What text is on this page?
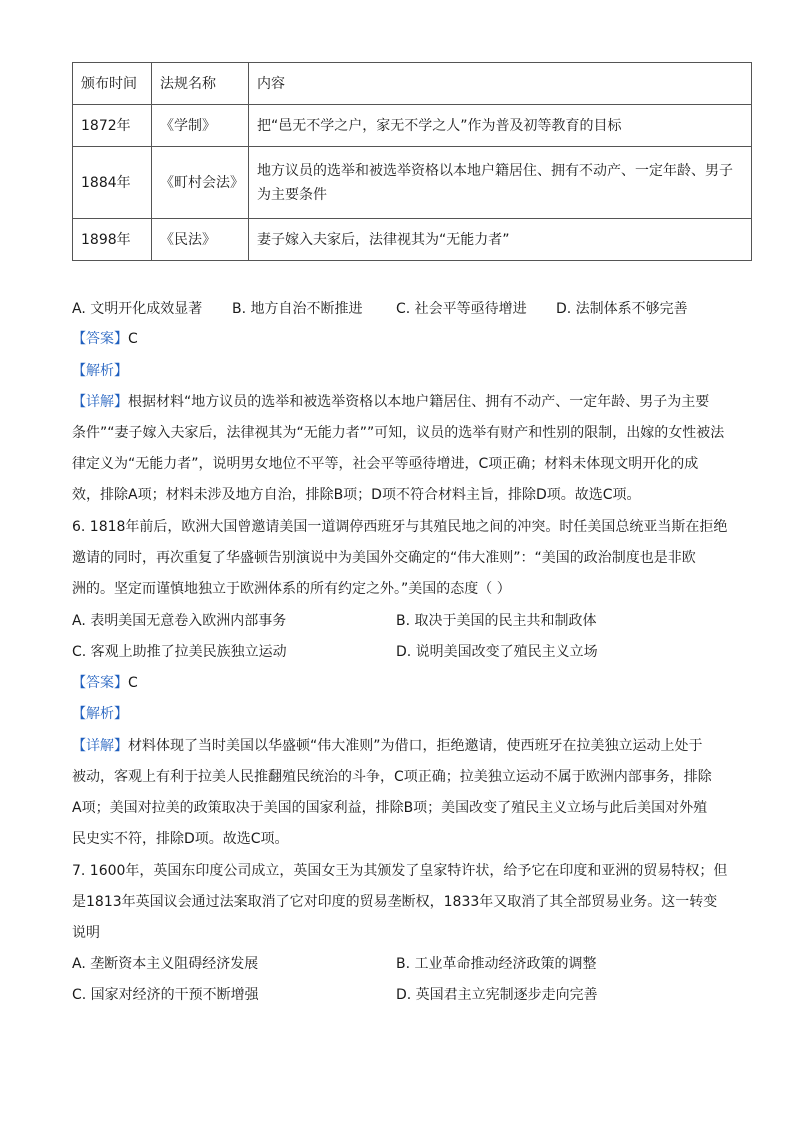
颁布时间	法规名称	内容
1872年	《学制》	把“邑无不学之户，家无不学之人”作为普及初等教育的目标
1884年	《町村会法》	地方议员的选举和被选举资格以本地户籍居住、拥有不动产、一定年龄、男子为主要条件
1898年	《民法》	妻子嫁入夫家后，法律视其为“无能力者”
A. 文明开化成效显著 B. 地方自治不断推进 C. 社会平等亟待增进 D. 法制体系不够完善
【答案】C
【解析】
【详解】根据材料“地方议员的选举和被选举资格以本地户籍居住、拥有不动产、一定年龄、男子为主要
条件”“妻子嫁入夫家后，法律视其为“无能力者””可知，议员的选举有财产和性别的限制，出嫁的女性被法
律定义为“无能力者”，说明男女地位不平等，社会平等亟待增进，C项正确；材料未体现文明开化的成
效，排除A项；材料未涉及地方自治，排除B项；D项不符合材料主旨，排除D项。故选C项。
6. 1818年前后，欧洲大国曾邀请美国一道调停西班牙与其殖民地之间的冲突。时任美国总统亚当斯在拒绝
邀请的同时，再次重复了华盛顿告别演说中为美国外交确定的“伟大准则”：“美国的政治制度也是非欧
洲的。坚定而谨慎地独立于欧洲体系的所有约定之外。”美国的态度（ ）
A. 表明美国无意卷入欧洲内部事务	B. 取决于美国的民主共和制政体
C. 客观上助推了拉美民族独立运动	D. 说明美国改变了殖民主义立场
【答案】C
【解析】
【详解】材料体现了当时美国以华盛顿“伟大准则”为借口，拒绝邀请，使西班牙在拉美独立运动上处于
被动，客观上有利于拉美人民推翻殖民统治的斗争，C项正确；拉美独立运动不属于欧洲内部事务，排除
A项；美国对拉美的政策取决于美国的国家利益，排除B项；美国改变了殖民主义立场与此后美国对外殖
民史实不符，排除D项。故选C项。
7. 1600年，英国东印度公司成立，英国女王为其颁发了皇家特许状，给予它在印度和亚洲的贸易特权；但
是1813年英国议会通过法案取消了它对印度的贸易垄断权，1833年又取消了其全部贸易业务。这一转变
说明
A. 垄断资本主义阻碍经济发展	B. 工业革命推动经济政策的调整
C. 国家对经济的干预不断增强	D. 英国君主立宪制逐步走向完善
